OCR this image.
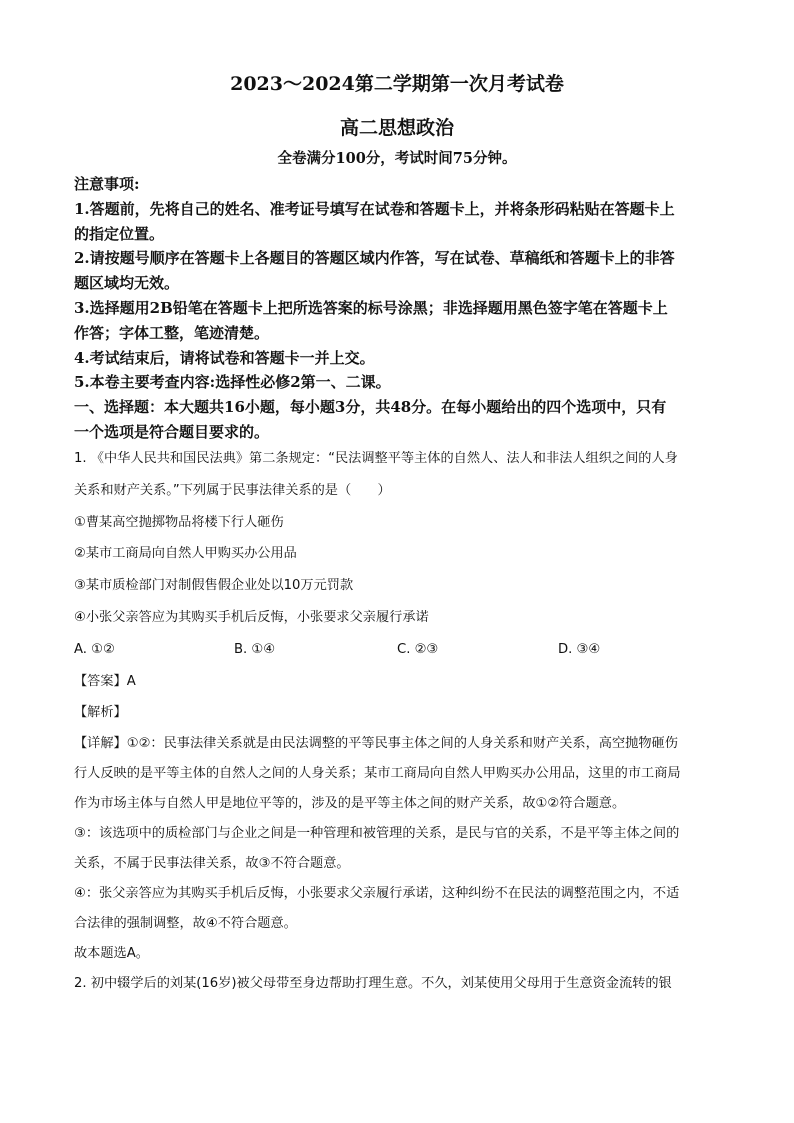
2023～2024第二学期第一次月考试卷
高二思想政治
全卷满分100分，考试时间75分钟。
注意事项:
1.答题前，先将自己的姓名、准考证号填写在试卷和答题卡上，并将条形码粘贴在答题卡上
的指定位置。
2.请按题号顺序在答题卡上各题目的答题区域内作答，写在试卷、草稿纸和答题卡上的非答
题区域均无效。
3.选择题用2B铅笔在答题卡上把所选答案的标号涂黑；非选择题用黑色签字笔在答题卡上
作答；字体工整，笔迹清楚。
4.考试结束后，请将试卷和答题卡一并上交。
5.本卷主要考查内容:选择性必修2第一、二课。
一、选择题：本大题共16小题，每小题3分，共48分。在每小题给出的四个选项中，只有
一个选项是符合题目要求的。
1. 《中华人民共和国民法典》第二条规定：“民法调整平等主体的自然人、法人和非法人组织之间的人身
关系和财产关系。”下列属于民事法律关系的是（　　）
①曹某高空抛掷物品将楼下行人砸伤
②某市工商局向自然人甲购买办公用品
③某市质检部门对制假售假企业处以10万元罚款
④小张父亲答应为其购买手机后反悔，小张要求父亲履行承诺
A. ①②	B. ①④	C. ②③	D. ③④
【答案】A
【解析】
【详解】①②：民事法律关系就是由民法调整的平等民事主体之间的人身关系和财产关系，高空抛物砸伤
行人反映的是平等主体的自然人之间的人身关系；某市工商局向自然人甲购买办公用品，这里的市工商局
作为市场主体与自然人甲是地位平等的，涉及的是平等主体之间的财产关系，故①②符合题意。
③：该选项中的质检部门与企业之间是一种管理和被管理的关系，是民与官的关系，不是平等主体之间的
关系，不属于民事法律关系，故③不符合题意。
④：张父亲答应为其购买手机后反悔，小张要求父亲履行承诺，这种纠纷不在民法的调整范围之内，不适
合法律的强制调整，故④不符合题意。
故本题选A。
2. 初中辍学后的刘某(16岁)被父母带至身边帮助打理生意。不久，刘某使用父母用于生意资金流转的银
